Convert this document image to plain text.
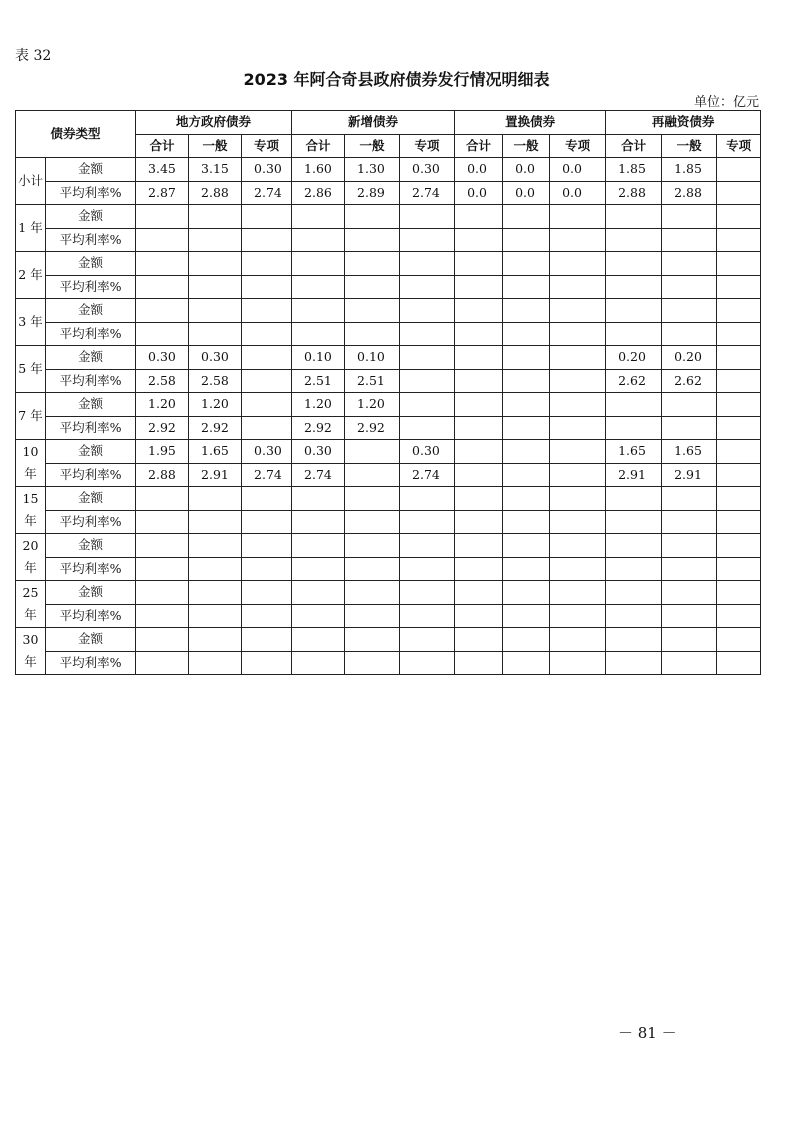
表 32
2023 年阿合奇县政府债券发行情况明细表
单位：亿元
债券类型		地方政府债券			新增债券			置换债券			再融资债券		
		合计	一般	专项	合计	一般	专项	合计	一般	专项	合计	一般	专项
小计	金额	3.45	3.15	0.30	1.60	1.30	0.30	0.0	0.0	0.0	1.85	1.85	
	平均利率%	2.87	2.88	2.74	2.86	2.89	2.74	0.0	0.0	0.0	2.88	2.88	
1 年	金额												
	平均利率%												
2 年	金额												
	平均利率%												
3 年	金额												
	平均利率%												
5 年	金额	0.30	0.30		0.10	0.10					0.20	0.20	
	平均利率%	2.58	2.58		2.51	2.51					2.62	2.62	
7 年	金额	1.20	1.20		1.20	1.20							
	平均利率%	2.92	2.92		2.92	2.92							
10 年	金额	1.95	1.65	0.30	0.30		0.30				1.65	1.65	
	平均利率%	2.88	2.91	2.74	2.74		2.74				2.91	2.91	
15 年	金额												
	平均利率%												
20 年	金额												
	平均利率%												
25 年	金额												
	平均利率%												
30 年	金额												
	平均利率%												
－ 81 －
